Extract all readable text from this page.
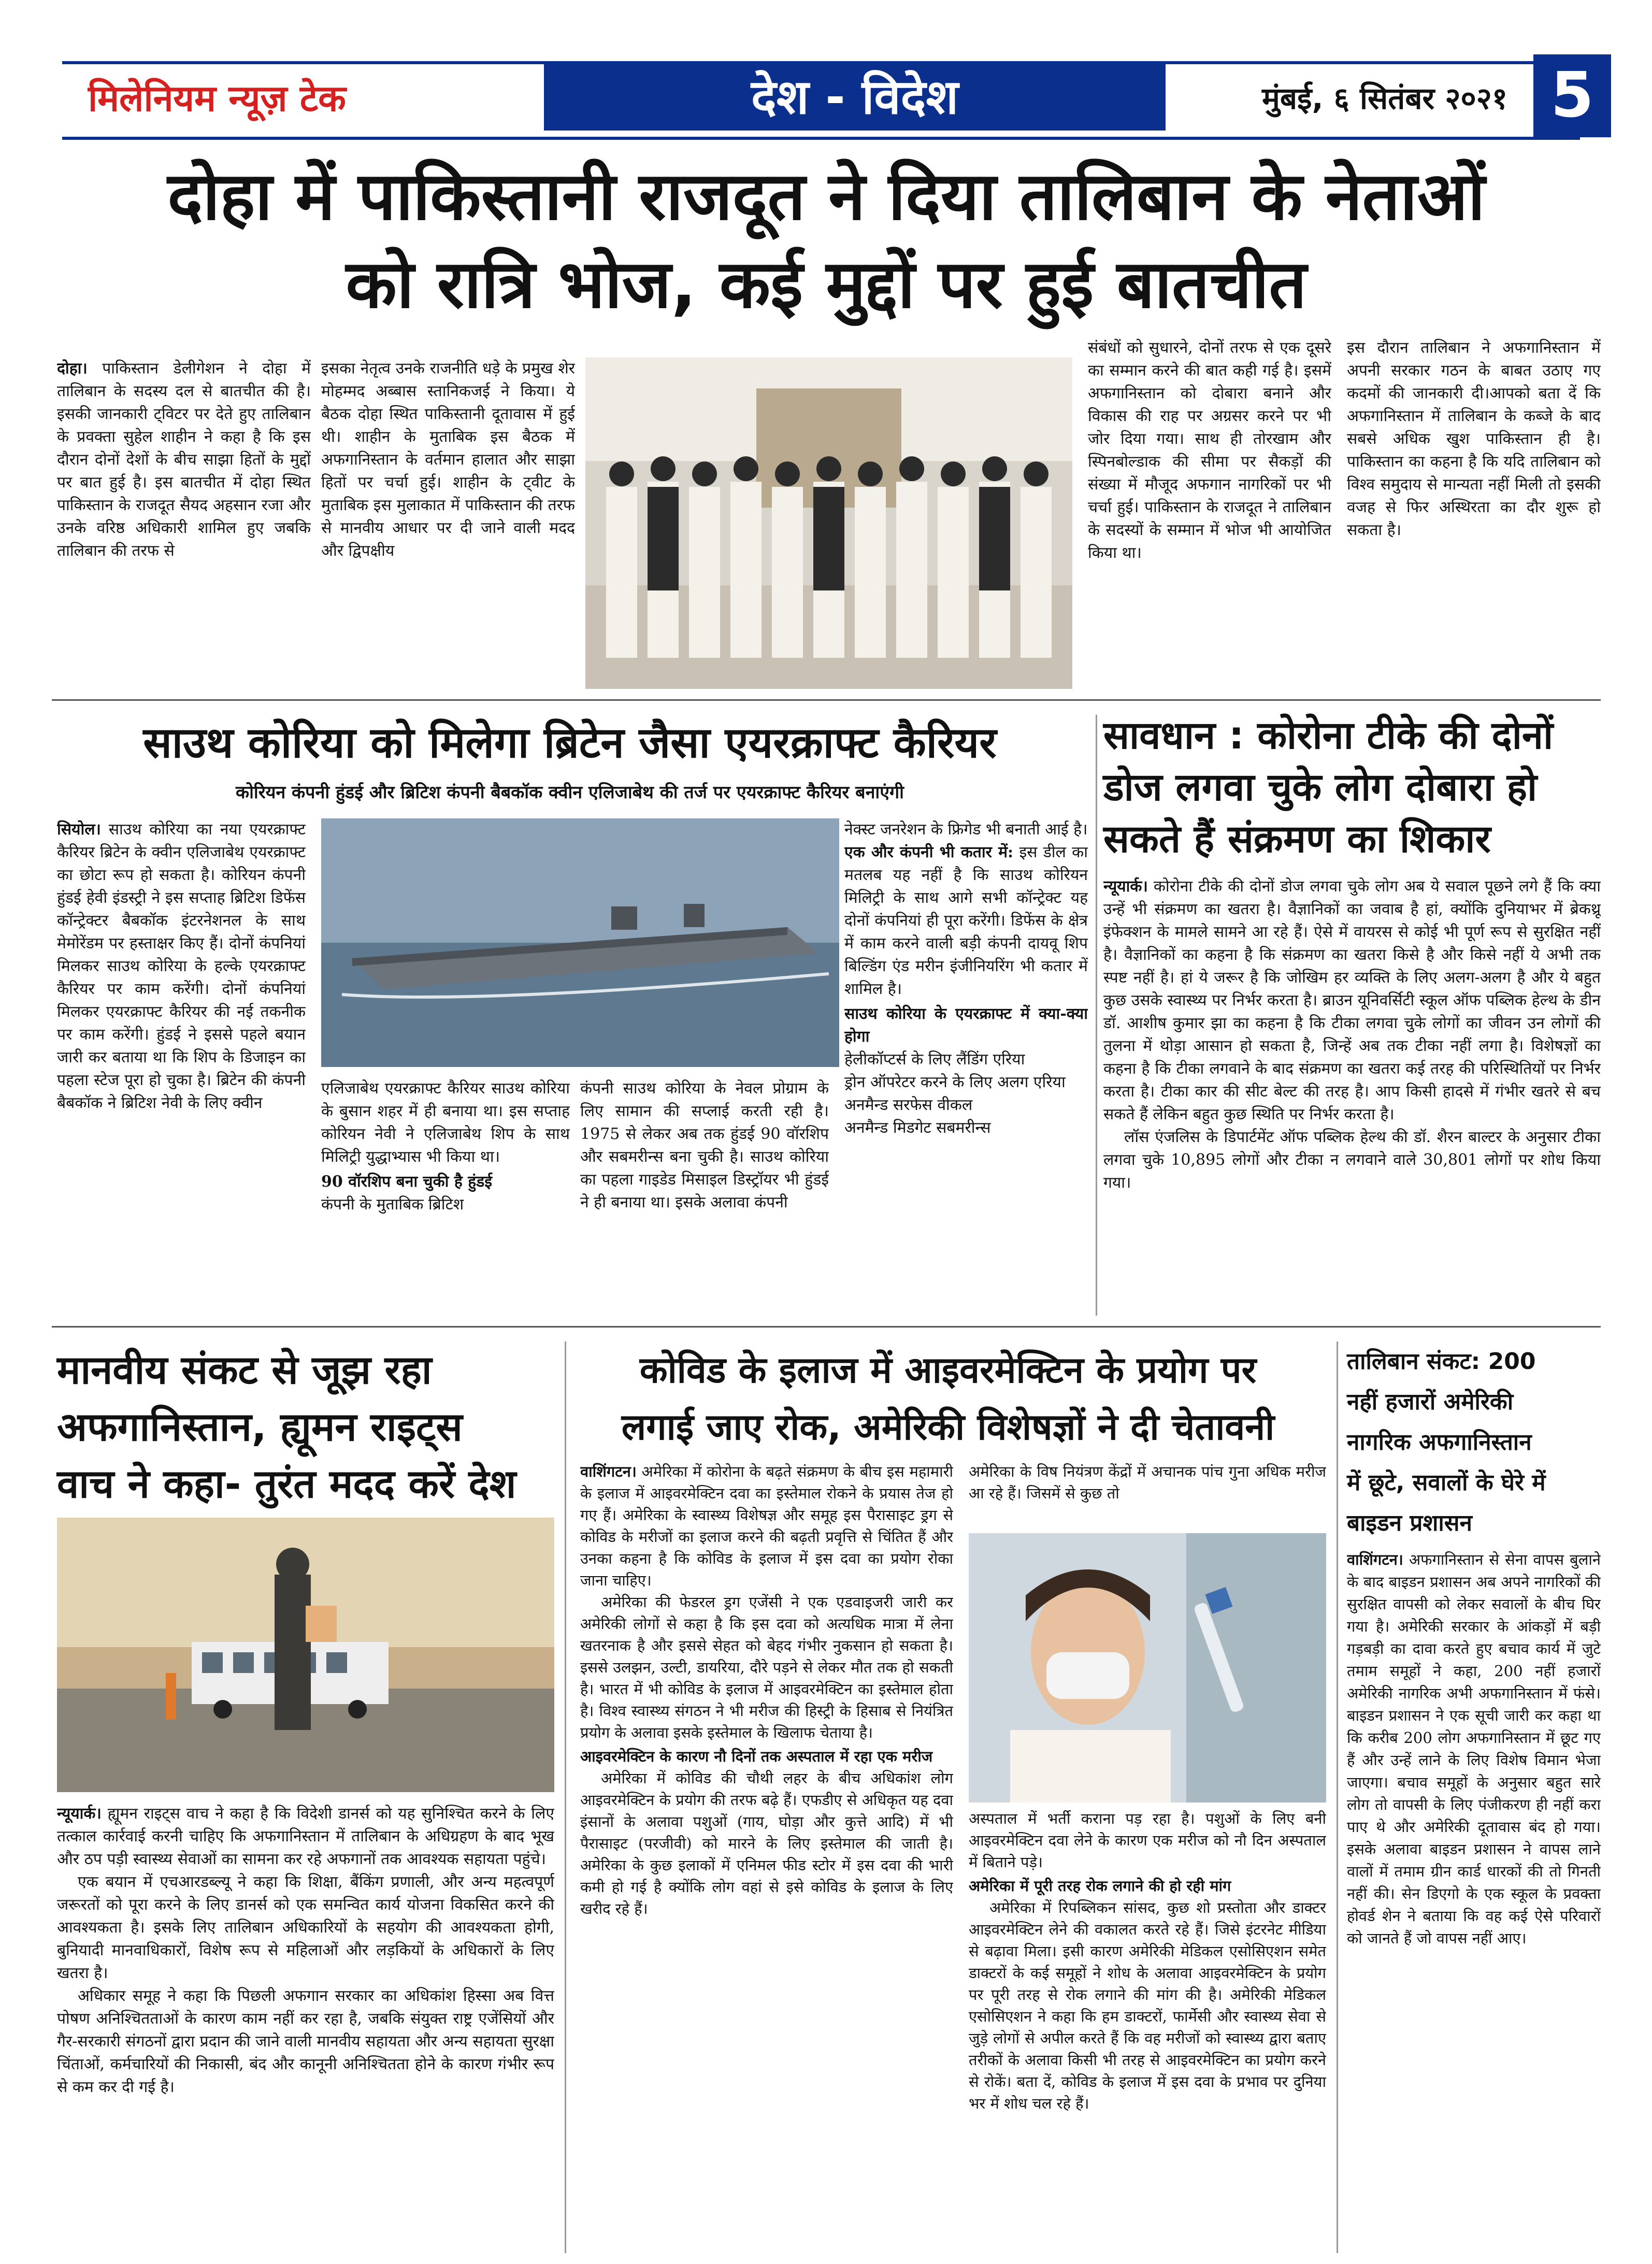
मिलेनियम न्यूज़ टेक	देश - विदेश	मुंबई, ६ सितंबर २०२१ 5
दोहा में पाकिस्तानी राजदूत ने दिया तालिबान के नेताओं
को रात्रि भोज, कई मुद्दों पर हुई बातचीत

दोहा। पाकिस्तान डेलीगेशन ने दोहा में तालिबान के सदस्य दल से बातचीत की है। इसकी जानकारी ट्विटर पर देते हुए तालिबान के प्रवक्ता सुहेल शाहीन ने कहा है कि इस दौरान दोनों देशों के बीच साझा हितों के मुद्दों पर बात हुई है। इस बातचीत में दोहा स्थित पाकिस्तान के राजदूत सैयद अहसान रजा और उनके वरिष्ठ अधिकारी शामिल हुए जबकि तालिबान की तरफ से

इसका नेतृत्व उनके राजनीति धड़े के प्रमुख शेर मोहम्मद अब्बास स्तानिकजई ने किया। ये बैठक दोहा स्थित पाकिस्तानी दूतावास में हुई थी। शाहीन के मुताबिक इस बैठक में अफगानिस्तान के वर्तमान हालात और साझा हितों पर चर्चा हुई। शाहीन के ट्वीट के मुताबिक इस मुलाकात में पाकिस्तान की तरफ से मानवीय आधार पर दी जाने वाली मदद और द्विपक्षीय

संबंधों को सुधारने, दोनों तरफ से एक दूसरे का सम्मान करने की बात कही गई है। इसमें अफगानिस्तान को दोबारा बनाने और विकास की राह पर अग्रसर करने पर भी जोर दिया गया। साथ ही तोरखाम और स्पिनबोल्डाक की सीमा पर सैकड़ों की संख्या में मौजूद अफगान नागरिकों पर भी चर्चा हुई। पाकिस्तान के राजदूत ने तालिबान के सदस्यों के सम्मान में भोज भी आयोजित किया था।

इस दौरान तालिबान ने अफगानिस्तान में अपनी सरकार गठन के बाबत उठाए गए कदमों की जानकारी दी।आपको बता दें कि अफगानिस्तान में तालिबान के कब्जे के बाद सबसे अधिक खुश पाकिस्तान ही है। पाकिस्तान का कहना है कि यदि तालिबान को विश्व समुदाय से मान्यता नहीं मिली तो इसकी वजह से फिर अस्थिरता का दौर शुरू हो सकता है।

साउथ कोरिया को मिलेगा ब्रिटेन जैसा एयरक्राफ्ट कैरियर
कोरियन कंपनी हुंडई और ब्रिटिश कंपनी बैबकॉक क्वीन एलिजाबेथ की तर्ज पर एयरक्राफ्ट कैरियर बनाएंगी

सियोल। साउथ कोरिया का नया एयरक्राफ्ट कैरियर ब्रिटेन के क्वीन एलिजाबेथ एयरक्राफ्ट का छोटा रूप हो सकता है। कोरियन कंपनी हुंडई हेवी इंडस्ट्री ने इस सप्ताह ब्रिटिश डिफेंस कॉन्ट्रेक्टर बैबकॉक इंटरनेशनल के साथ मेमोरेंडम पर हस्ताक्षर किए हैं। दोनों कंपनियां मिलकर साउथ कोरिया के हल्के एयरक्राफ्ट कैरियर पर काम करेंगी। दोनों कंपनियां मिलकर एयरक्राफ्ट कैरियर की नई तकनीक पर काम करेंगी। हुंडई ने इससे पहले बयान जारी कर बताया था कि शिप के डिजाइन का पहला स्टेज पूरा हो चुका है। ब्रिटेन की कंपनी बैबकॉक ने ब्रिटिश नेवी के लिए क्वीन

एलिजाबेथ एयरक्राफ्ट कैरियर साउथ कोरिया के बुसान शहर में ही बनाया था। इस सप्ताह कोरियन नेवी ने एलिजाबेथ शिप के साथ मिलिट्री युद्धाभ्यास भी किया था।

90 वॉरशिप बना चुकी है हुंडई

कंपनी के मुताबिक ब्रिटिश

कंपनी साउथ कोरिया के नेवल प्रोग्राम के लिए सामान की सप्लाई करती रही है। 1975 से लेकर अब तक हुंडई 90 वॉरशिप और सबमरीन्स बना चुकी है। साउथ कोरिया का पहला गाइडेड मिसाइल डिस्ट्रॉयर भी हुंडई ने ही बनाया था। इसके अलावा कंपनी

नेक्स्ट जनरेशन के फ्रिगेड भी बनाती आई है।

एक और कंपनी भी कतार में: इस डील का मतलब यह नहीं है कि साउथ कोरियन मिलिट्री के साथ आगे सभी कॉन्ट्रेक्ट यह दोनों कंपनियां ही पूरा करेंगी। डिफेंस के क्षेत्र में काम करने वाली बड़ी कंपनी दायवू शिप बिल्डिंग एंड मरीन इंजीनियरिंग भी कतार में शामिल है।

साउथ कोरिया के एयरक्राफ्ट में क्या-क्या होगा

हेलीकॉप्टर्स के लिए लैंडिंग एरिया

ड्रोन ऑपरेटर करने के लिए अलग एरिया

अनमैन्ड सरफेस वीकल

अनमैन्ड मिडगेट सबमरीन्स

सावधान : कोरोना टीके की दोनों
डोज लगवा चुके लोग दोबारा हो
सकते हैं संक्रमण का शिकार

न्यूयार्क। कोरोना टीके की दोनों डोज लगवा चुके लोग अब ये सवाल पूछने लगे हैं कि क्या उन्हें भी संक्रमण का खतरा है। वैज्ञानिकों का जवाब है हां, क्योंकि दुनियाभर में ब्रेकथ्रू इंफेक्शन के मामले सामने आ रहे हैं। ऐसे में वायरस से कोई भी पूर्ण रूप से सुरक्षित नहीं है। वैज्ञानिकों का कहना है कि संक्रमण का खतरा किसे है और किसे नहीं ये अभी तक स्पष्ट नहीं है। हां ये जरूर है कि जोखिम हर व्यक्ति के लिए अलग-अलग है और ये बहुत कुछ उसके स्वास्थ्य पर निर्भर करता है। ब्राउन यूनिवर्सिटी स्कूल ऑफ पब्लिक हेल्थ के डीन डॉ. आशीष कुमार झा का कहना है कि टीका लगवा चुके लोगों का जीवन उन लोगों की तुलना में थोड़ा आसान हो सकता है, जिन्हें अब तक टीका नहीं लगा है। विशेषज्ञों का कहना है कि टीका लगवाने के बाद संक्रमण का खतरा कई तरह की परिस्थितियों पर निर्भर करता है। टीका कार की सीट बेल्ट की तरह है। आप किसी हादसे में गंभीर खतरे से बच सकते हैं लेकिन बहुत कुछ स्थिति पर निर्भर करता है।

लॉस एंजलिस के डिपार्टमेंट ऑफ पब्लिक हेल्थ की डॉ. शैरन बाल्टर के अनुसार टीका लगवा चुके 10,895 लोगों और टीका न लगवाने वाले 30,801 लोगों पर शोध किया गया।

मानवीय संकट से जूझ रहा
अफगानिस्तान, ह्यूमन राइट्स
वाच ने कहा- तुरंत मदद करें देश

न्यूयार्क। ह्यूमन राइट्स वाच ने कहा है कि विदेशी डानर्स को यह सुनिश्चित करने के लिए तत्काल कार्रवाई करनी चाहिए कि अफगानिस्तान में तालिबान के अधिग्रहण के बाद भूख और ठप पड़ी स्वास्थ्य सेवाओं का सामना कर रहे अफगानों तक आवश्यक सहायता पहुंचे।

एक बयान में एचआरडब्ल्यू ने कहा कि शिक्षा, बैंकिंग प्रणाली, और अन्य महत्वपूर्ण जरूरतों को पूरा करने के लिए डानर्स को एक समन्वित कार्य योजना विकसित करने की आवश्यकता है। इसके लिए तालिबान अधिकारियों के सहयोग की आवश्यकता होगी, बुनियादी मानवाधिकारों, विशेष रूप से महिलाओं और लड़कियों के अधिकारों के लिए खतरा है।

अधिकार समूह ने कहा कि पिछली अफगान सरकार का अधिकांश हिस्सा अब वित्त पोषण अनिश्चितताओं के कारण काम नहीं कर रहा है, जबकि संयुक्त राष्ट्र एजेंसियों और गैर-सरकारी संगठनों द्वारा प्रदान की जाने वाली मानवीय सहायता और अन्य सहायता सुरक्षा चिंताओं, कर्मचारियों की निकासी, बंद और कानूनी अनिश्चितता होने के कारण गंभीर रूप से कम कर दी गई है।

कोविड के इलाज में आइवरमेक्टिन के प्रयोग पर
लगाई जाए रोक, अमेरिकी विशेषज्ञों ने दी चेतावनी

वाशिंगटन। अमेरिका में कोरोना के बढ़ते संक्रमण के बीच इस महामारी के इलाज में आइवरमेक्टिन दवा का इस्तेमाल रोकने के प्रयास तेज हो गए हैं। अमेरिका के स्वास्थ्य विशेषज्ञ और समूह इस पैरासाइट ड्रग से कोविड के मरीजों का इलाज करने की बढ़ती प्रवृत्ति से चिंतित हैं और उनका कहना है कि कोविड के इलाज में इस दवा का प्रयोग रोका जाना चाहिए।

अमेरिका की फेडरल ड्रग एजेंसी ने एक एडवाइजरी जारी कर अमेरिकी लोगों से कहा है कि इस दवा को अत्यधिक मात्रा में लेना खतरनाक है और इससे सेहत को बेहद गंभीर नुकसान हो सकता है। इससे उलझन, उल्टी, डायरिया, दौरे पड़ने से लेकर मौत तक हो सकती है। भारत में भी कोविड के इलाज में आइवरमेक्टिन का इस्तेमाल होता है। विश्व स्वास्थ्य संगठन ने भी मरीज की हिस्ट्री के हिसाब से नियंत्रित प्रयोग के अलावा इसके इस्तेमाल के खिलाफ चेताया है।

आइवरमेक्टिन के कारण नौ दिनों तक अस्पताल में रहा एक मरीज

अमेरिका में कोविड की चौथी लहर के बीच अधिकांश लोग आइवरमेक्टिन के प्रयोग की तरफ बढ़े हैं। एफडीए से अधिकृत यह दवा इंसानों के अलावा पशुओं (गाय, घोड़ा और कुत्ते आदि) में भी पैरासाइट (परजीवी) को मारने के लिए इस्तेमाल की जाती है। अमेरिका के कुछ इलाकों में एनिमल फीड स्टोर में इस दवा की भारी कमी हो गई है क्योंकि लोग वहां से इसे कोविड के इलाज के लिए खरीद रहे हैं।

अमेरिका के विष नियंत्रण केंद्रों में अचानक पांच गुना अधिक मरीज आ रहे हैं। जिसमें से कुछ तो

अस्पताल में भर्ती कराना पड़ रहा है। पशुओं के लिए बनी आइवरमेक्टिन दवा लेने के कारण एक मरीज को नौ दिन अस्पताल में बिताने पड़े।

अमेरिका में पूरी तरह रोक लगाने की हो रही मांग

अमेरिका में रिपब्लिकन सांसद, कुछ शो प्रस्तोता और डाक्टर आइवरमेक्टिन लेने की वकालत करते रहे हैं। जिसे इंटरनेट मीडिया से बढ़ावा मिला। इसी कारण अमेरिकी मेडिकल एसोसिएशन समेत डाक्टरों के कई समूहों ने शोध के अलावा आइवरमेक्टिन के प्रयोग पर पूरी तरह से रोक लगाने की मांग की है। अमेरिकी मेडिकल एसोसिएशन ने कहा कि हम डाक्टरों, फार्मेसी और स्वास्थ्य सेवा से जुड़े लोगों से अपील करते हैं कि वह मरीजों को स्वास्थ्य द्वारा बताए तरीकों के अलावा किसी भी तरह से आइवरमेक्टिन का प्रयोग करने से रोकें। बता दें, कोविड के इलाज में इस दवा के प्रभाव पर दुनिया भर में शोध चल रहे हैं।

तालिबान संकट: 200
नहीं हजारों अमेरिकी
नागरिक अफगानिस्तान
में छूटे, सवालों के घेरे में
बाइडन प्रशासन

वाशिंगटन। अफगानिस्तान से सेना वापस बुलाने के बाद बाइडन प्रशासन अब अपने नागरिकों की सुरक्षित वापसी को लेकर सवालों के बीच घिर गया है। अमेरिकी सरकार के आंकड़ों में बड़ी गड़बड़ी का दावा करते हुए बचाव कार्य में जुटे तमाम समूहों ने कहा, 200 नहीं हजारों अमेरिकी नागरिक अभी अफगानिस्तान में फंसे। बाइडन प्रशासन ने एक सूची जारी कर कहा था कि करीब 200 लोग अफगानिस्तान में छूट गए हैं और उन्हें लाने के लिए विशेष विमान भेजा जाएगा। बचाव समूहों के अनुसार बहुत सारे लोग तो वापसी के लिए पंजीकरण ही नहीं करा पाए थे और अमेरिकी दूतावास बंद हो गया। इसके अलावा बाइडन प्रशासन ने वापस लाने वालों में तमाम ग्रीन कार्ड धारकों की तो गिनती नहीं की। सेन डिएगो के एक स्कूल के प्रवक्ता होवर्ड शेन ने बताया कि वह कई ऐसे परिवारों को जानते हैं जो वापस नहीं आए।
